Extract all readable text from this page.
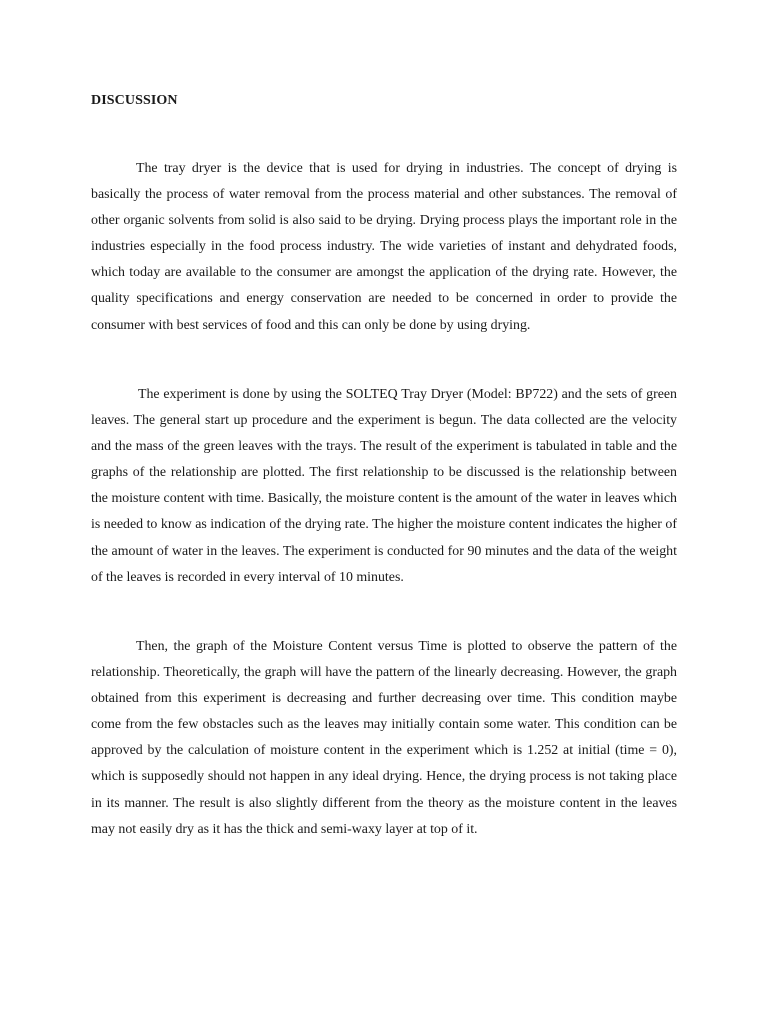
DISCUSSION

The tray dryer is the device that is used for drying in industries. The concept of drying is basically the process of water removal from the process material and other substances. The removal of other organic solvents from solid is also said to be drying. Drying process plays the important role in the industries especially in the food process industry. The wide varieties of instant and dehydrated foods, which today are available to the consumer are amongst the application of the drying rate. However, the quality specifications and energy conservation are needed to be concerned in order to provide the consumer with best services of food and this can only be done by using drying.

The experiment is done by using the SOLTEQ Tray Dryer (Model: BP722) and the sets of green leaves. The general start up procedure and the experiment is begun. The data collected are the velocity and the mass of the green leaves with the trays. The result of the experiment is tabulated in table and the graphs of the relationship are plotted. The first relationship to be discussed is the relationship between the moisture content with time. Basically, the moisture content is the amount of the water in leaves which is needed to know as indication of the drying rate. The higher the moisture content indicates the higher of the amount of water in the leaves. The experiment is conducted for 90 minutes and the data of the weight of the leaves is recorded in every interval of 10 minutes.

Then, the graph of the Moisture Content versus Time is plotted to observe the pattern of the relationship. Theoretically, the graph will have the pattern of the linearly decreasing. However, the graph obtained from this experiment is decreasing and further decreasing over time. This condition maybe come from the few obstacles such as the leaves may initially contain some water. This condition can be approved by the calculation of moisture content in the experiment which is 1.252 at initial (time = 0), which is supposedly should not happen in any ideal drying. Hence, the drying process is not taking place in its manner. The result is also slightly different from the theory as the moisture content in the leaves may not easily dry as it has the thick and semi-waxy layer at top of it.
